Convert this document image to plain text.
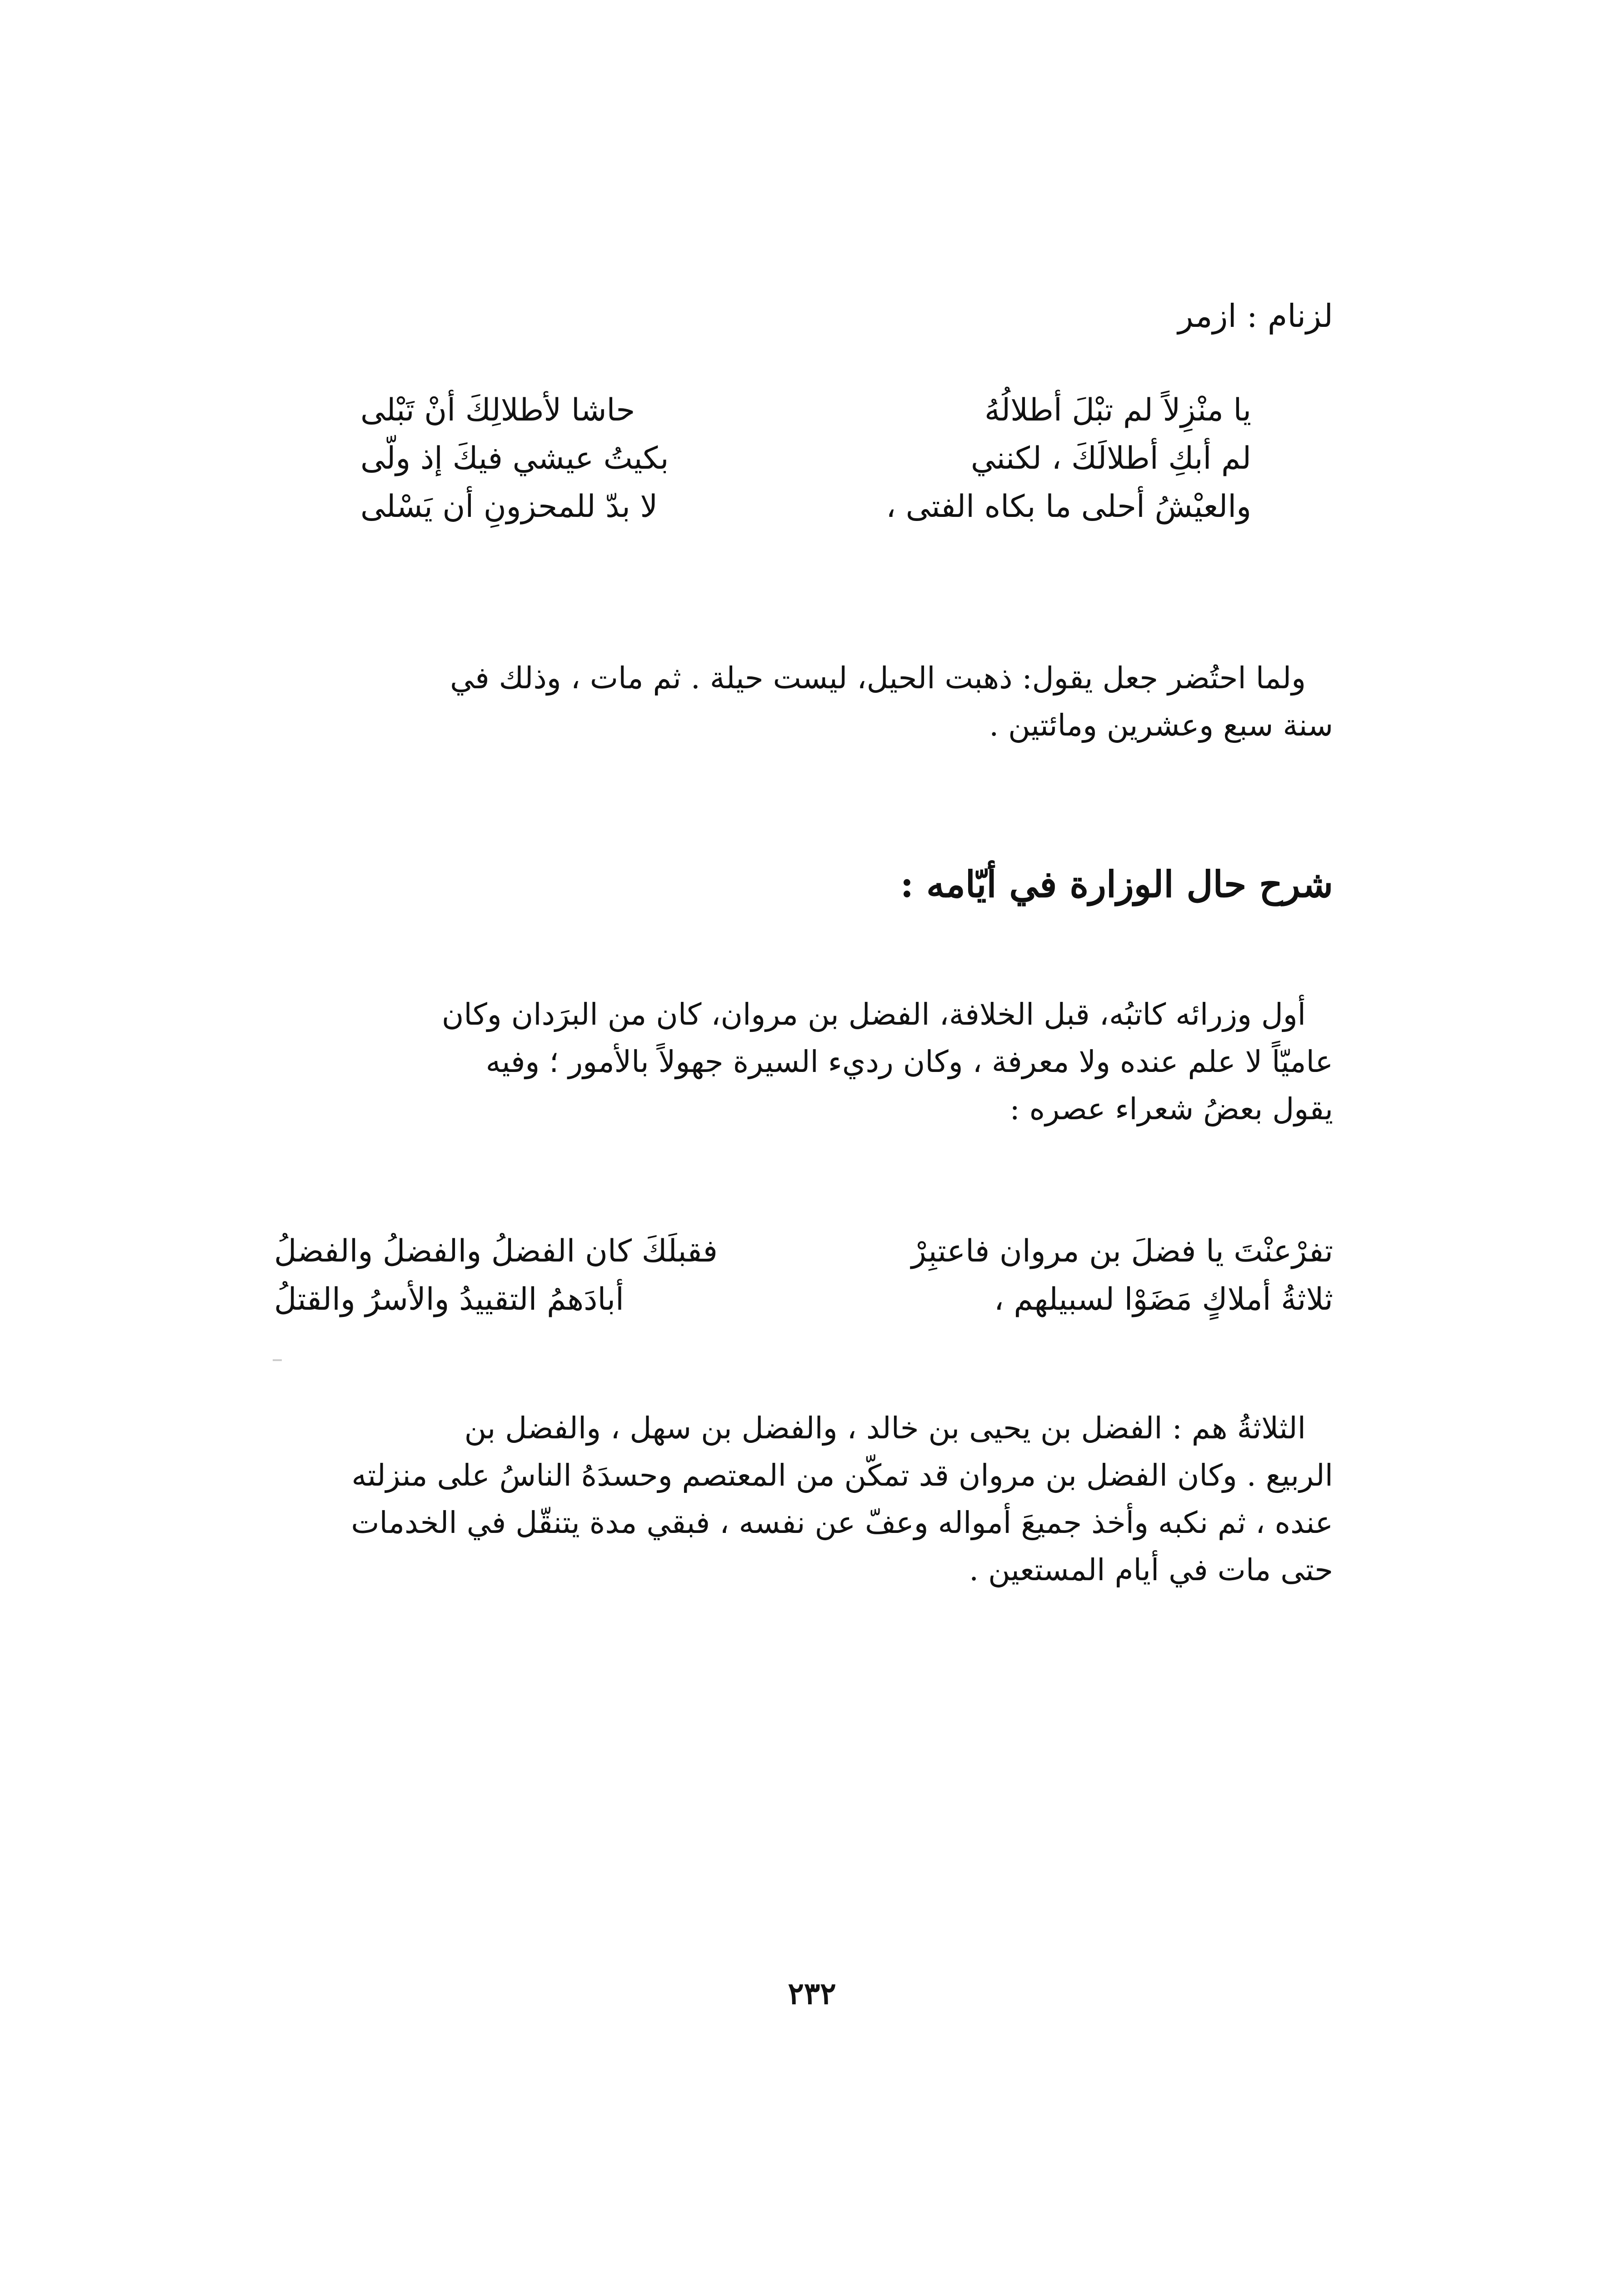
لزنام : ازمر
يا منْزِلاً لم تبْلَ أطلالُهُ
حاشا لأطلالِكَ أنْ تَبْلى
لم أبكِ أطلالَكَ ، لكنني
بكيتُ عيشي فيكَ إذ ولّى
والعيْشُ أحلى ما بكاه الفتى ،
لا بدّ للمحزونِ أن يَسْلى
ولما احتُضر جعل يقول: ذهبت الحيل، ليست حيلة . ثم مات ، وذلك في
سنة سبع وعشرين ومائتين .
شرح حال الوزارة في أيّامه :
أول وزرائه كاتبُه، قبل الخلافة، الفضل بن مروان، كان من البرَدان وكان
عاميّاً لا علم عنده ولا معرفة ، وكان رديء السيرة جهولاً بالأمور ؛ وفيه
يقول بعضُ شعراء عصره :
تفرْعنْتَ يا فضلَ بن مروان فاعتبِرْ
فقبلَكَ كان الفضلُ والفضلُ والفضلُ
ثلاثةُ أملاكٍ مَضَوْا لسبيلهم ،
أبادَهمُ التقييدُ والأسرُ والقتلُ
الثلاثةُ هم : الفضل بن يحيى بن خالد ، والفضل بن سهل ، والفضل بن
الربيع . وكان الفضل بن مروان قد تمكّن من المعتصم وحسدَهُ الناسُ على منزلته
عنده ، ثم نكبه وأخذ جميعَ أمواله وعفّ عن نفسه ، فبقي مدة يتنقّل في الخدمات
حتى مات في أيام المستعين .
٢٣٢
